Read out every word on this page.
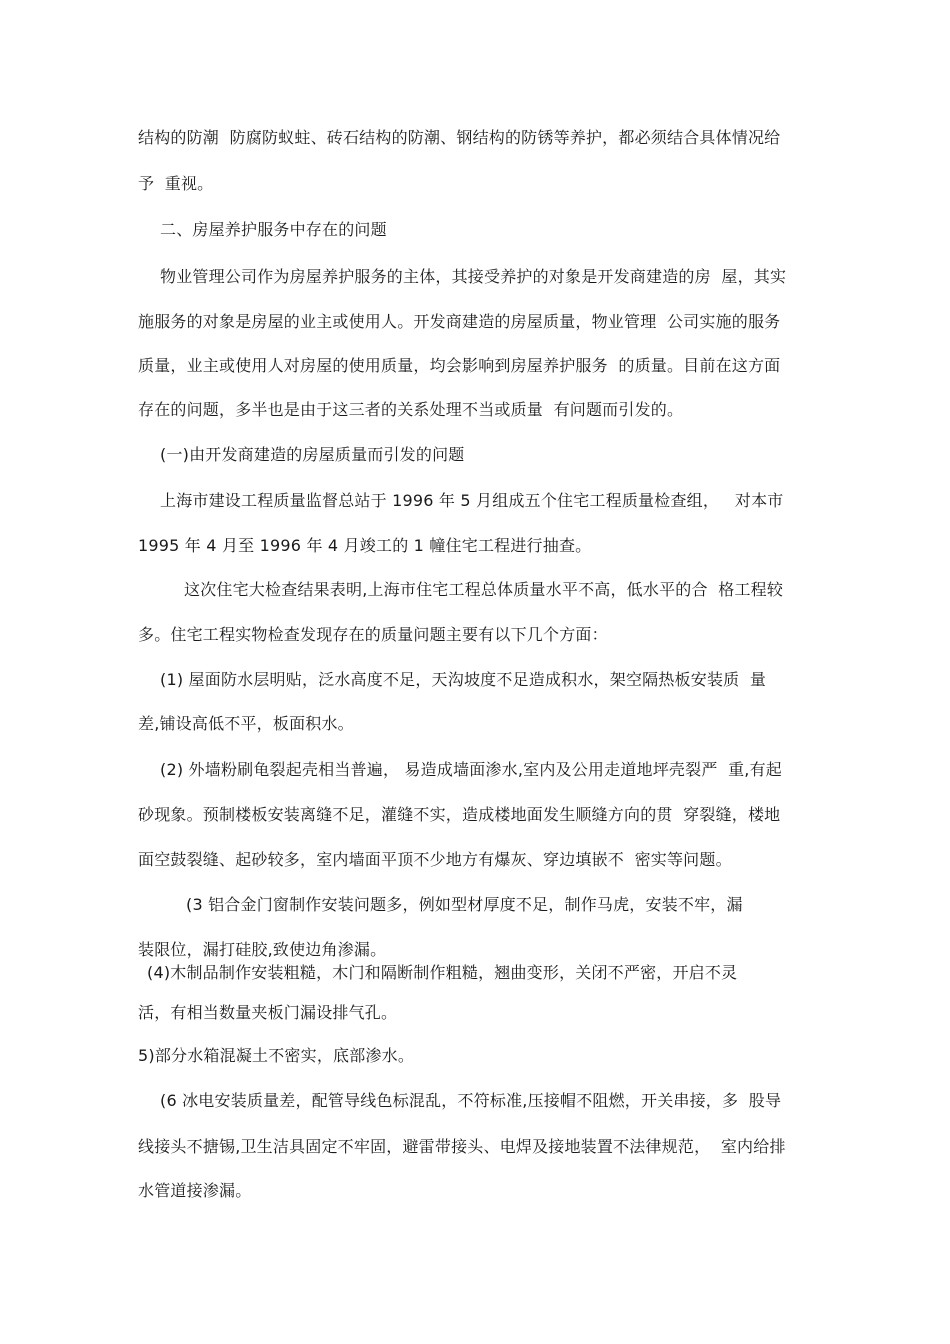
结构的防潮  防腐防蚁蛀、砖石结构的防潮、钢结构的防锈等养护，都必须结合具体情况给
予  重视。
二、房屋养护服务中存在的问题
物业管理公司作为房屋养护服务的主体，其接受养护的对象是开发商建造的房  屋，其实
施服务的对象是房屋的业主或使用人。开发商建造的房屋质量，物业管理  公司实施的服务
质量，业主或使用人对房屋的使用质量，均会影响到房屋养护服务  的质量。目前在这方面
存在的问题，多半也是由于这三者的关系处理不当或质量  有问题而引发的。
(一)由开发商建造的房屋质量而引发的问题
上海市建设工程质量监督总站于 1996 年 5 月组成五个住宅工程质量检查组，   对本市
1995 年 4 月至 1996 年 4 月竣工的 1 幢住宅工程进行抽查。
这次住宅大检查结果表明,上海市住宅工程总体质量水平不高，低水平的合  格工程较
多。住宅工程实物检查发现存在的质量问题主要有以下几个方面：
(1) 屋面防水层明贴，泛水高度不足，天沟坡度不足造成积水，架空隔热板安装质  量
差,铺设高低不平，板面积水。
(2) 外墙粉刷龟裂起壳相当普遍， 易造成墙面渗水,室内及公用走道地坪壳裂严  重,有起
砂现象。预制楼板安装离缝不足，灌缝不实，造成楼地面发生顺缝方向的贯  穿裂缝，楼地
面空鼓裂缝、起砂较多，室内墙面平顶不少地方有爆灰、穿边填嵌不  密实等问题。
(3 铝合金门窗制作安装问题多，例如型材厚度不足，制作马虎，安装不牢，漏
装限位，漏打硅胶,致使边角渗漏。
(4)木制品制作安装粗糙，木门和隔断制作粗糙，翘曲变形，关闭不严密，开启不灵
活，有相当数量夹板门漏设排气孔。
5)部分水箱混凝土不密实，底部渗水。
(6 冰电安装质量差，配管导线色标混乱，不符标准,压接帽不阻燃，开关串接，多  股导
线接头不搪锡,卫生洁具固定不牢固，避雷带接头、电焊及接地装置不法律规范，  室内给排
水管道接渗漏。
